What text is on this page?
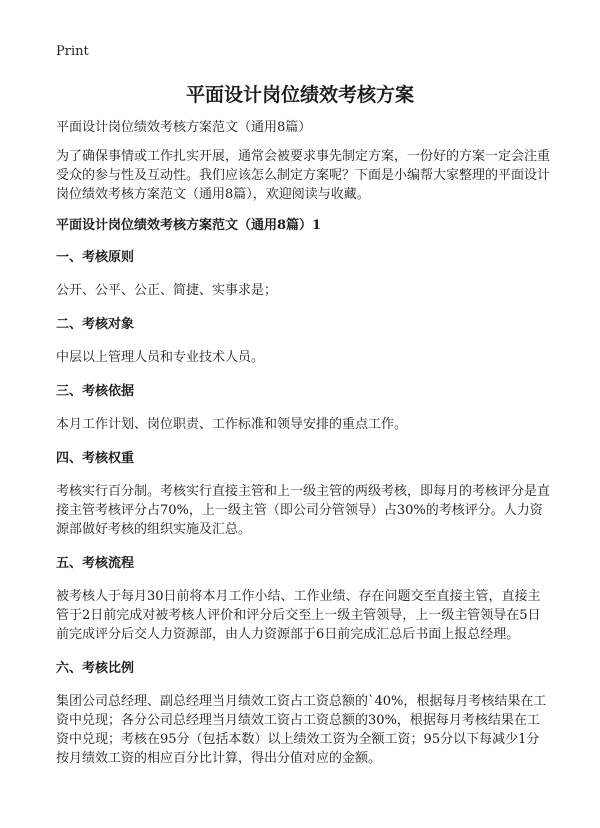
Print
平面设计岗位绩效考核方案

平面设计岗位绩效考核方案范文（通用8篇）

为了确保事情或工作扎实开展，通常会被要求事先制定方案，一份好的方案一定会注重受众的参与性及互动性。我们应该怎么制定方案呢？下面是小编帮大家整理的平面设计岗位绩效考核方案范文（通用8篇），欢迎阅读与收藏。

平面设计岗位绩效考核方案范文（通用8篇）1

一、考核原则

公开、公平、公正、简捷、实事求是；

二、考核对象

中层以上管理人员和专业技术人员。

三、考核依据

本月工作计划、岗位职责、工作标准和领导安排的重点工作。

四、考核权重

考核实行百分制。考核实行直接主管和上一级主管的两级考核，即每月的考核评分是直接主管考核评分占70%，上一级主管（即公司分管领导）占30%的考核评分。人力资源部做好考核的组织实施及汇总。

五、考核流程

被考核人于每月30日前将本月工作小结、工作业绩、存在问题交至直接主管，直接主管于2日前完成对被考核人评价和评分后交至上一级主管领导，上一级主管领导在5日前完成评分后交人力资源部，由人力资源部于6日前完成汇总后书面上报总经理。

六、考核比例

集团公司总经理、副总经理当月绩效工资占工资总额的`40%，根据每月考核结果在工资中兑现；各分公司总经理当月绩效工资占工资总额的30%，根据每月考核结果在工资中兑现；考核在95分（包括本数）以上绩效工资为全额工资；95分以下每减少1分按月绩效工资的相应百分比计算，得出分值对应的金额。
